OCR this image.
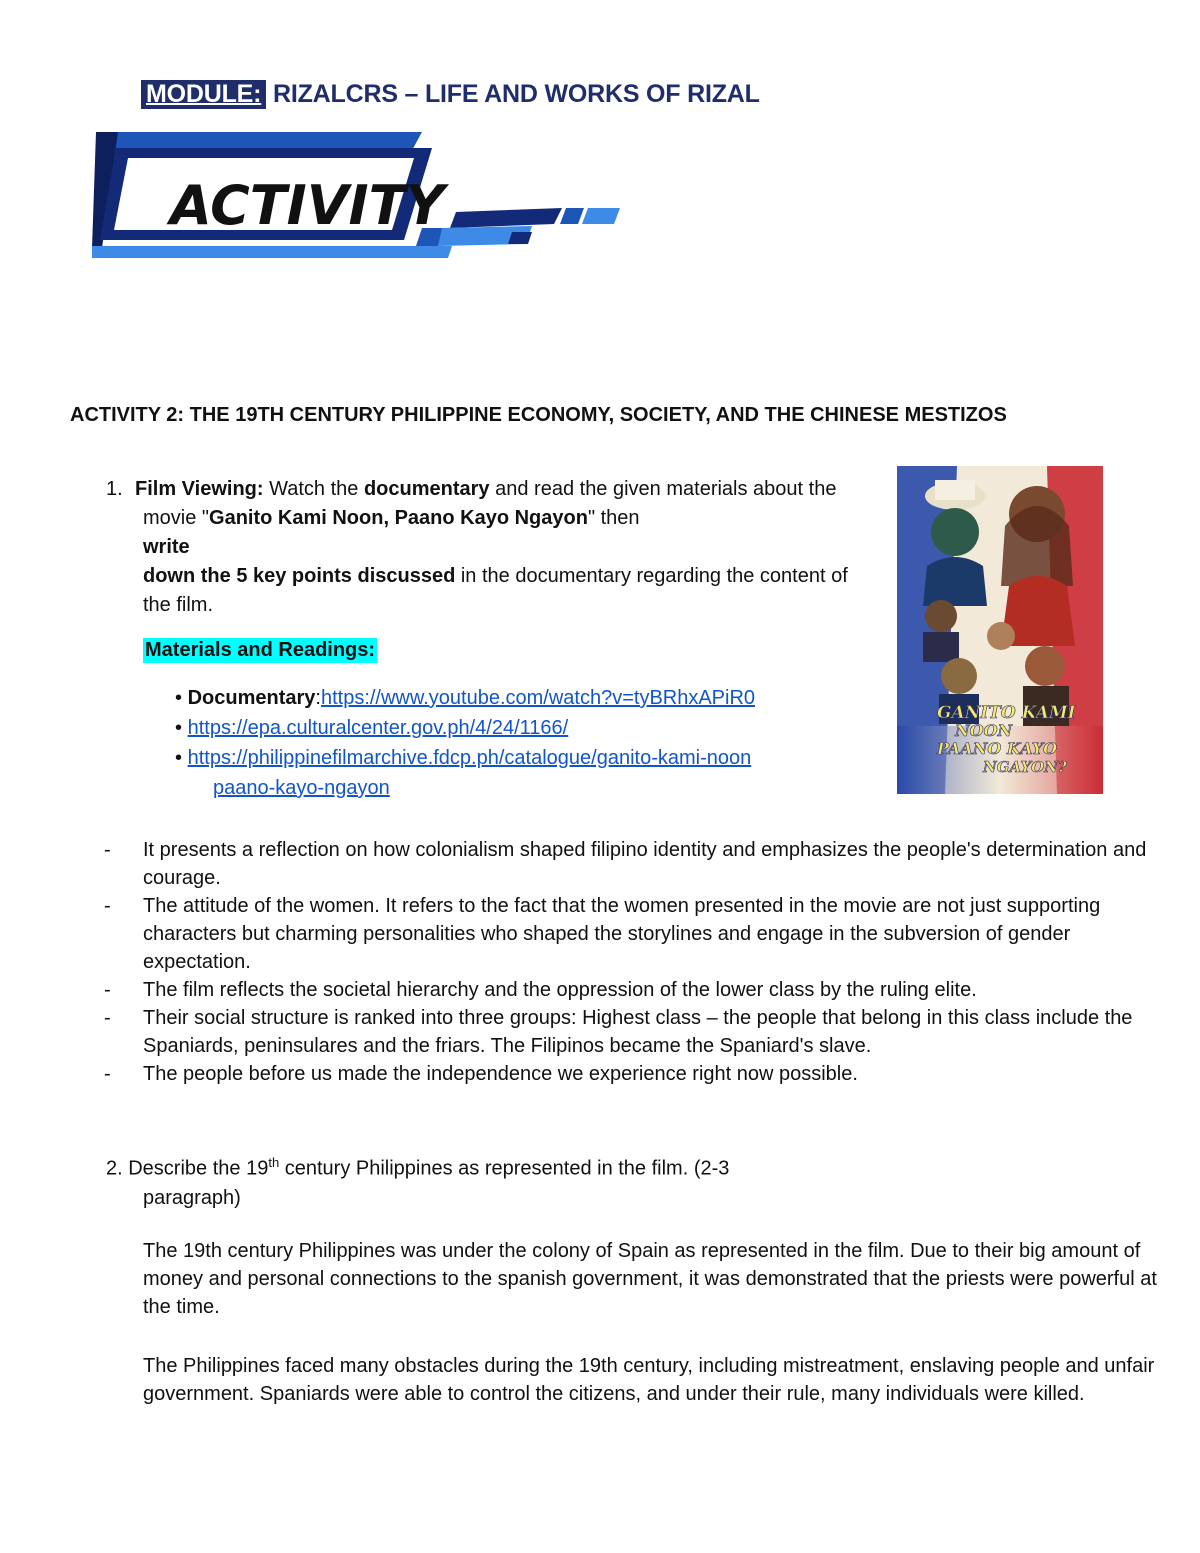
MODULE: RIZALCRS – LIFE AND WORKS OF RIZAL
ACTIVITY

ACTIVITY 2: THE 19TH CENTURY PHILIPPINE ECONOMY, SOCIETY, AND THE CHINESE MESTIZOS

1. Film Viewing: Watch the documentary and read the given materials about the movie "Ganito Kami Noon, Paano Kayo Ngayon" then
write
down the 5 key points discussed in the documentary regarding the content of the film.
Materials and Readings:
• Documentary:https://www.youtube.com/watch?v=tyBRhxAPiR0
• https://epa.culturalcenter.gov.ph/4/24/1166/
• https://philippinefilmarchive.fdcp.ph/catalogue/ganito-kami-noon
paano-kayo-ngayon
GANITO KAMI
NOON
PAANO KAYO
NGAYON?
- It presents a reflection on how colonialism shaped filipino identity and emphasizes the people's determination and courage.
- The attitude of the women. It refers to the fact that the women presented in the movie are not just supporting characters but charming personalities who shaped the storylines and engage in the subversion of gender expectation.
- The film reflects the societal hierarchy and the oppression of the lower class by the ruling elite.
- Their social structure is ranked into three groups: Highest class – the people that belong in this class include the Spaniards, peninsulares and the friars. The Filipinos became the Spaniard's slave.
- The people before us made the independence we experience right now possible.
2. Describe the 19th century Philippines as represented in the film. (2-3
paragraph)

The 19th century Philippines was under the colony of Spain as represented in the film. Due to their big amount of money and personal connections to the spanish government, it was demonstrated that the priests were powerful at the time.

The Philippines faced many obstacles during the 19th century, including mistreatment, enslaving people and unfair government. Spaniards were able to control the citizens, and under their rule, many individuals were killed.
